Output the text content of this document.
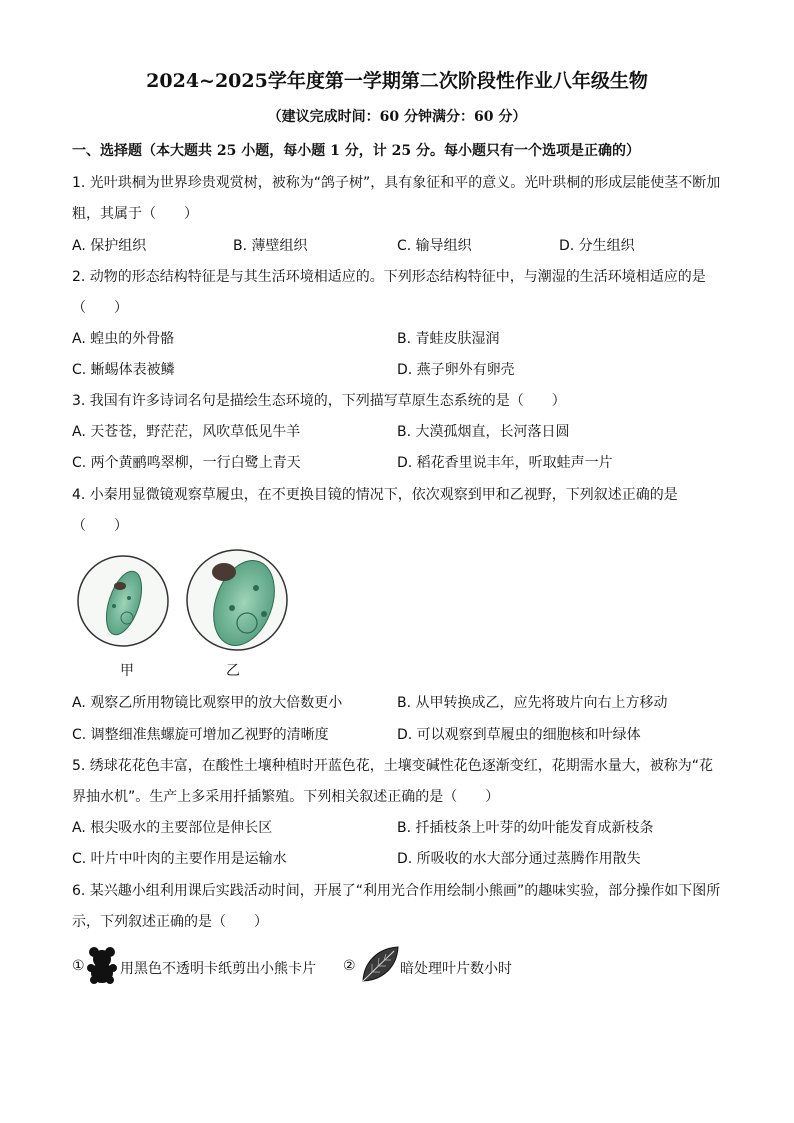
2024~2025学年度第一学期第二次阶段性作业八年级生物
（建议完成时间：60 分钟满分：60 分）
一、选择题（本大题共 25 小题，每小题 1 分，计 25 分。每小题只有一个选项是正确的）
1. 光叶珙桐为世界珍贵观赏树，被称为“鸽子树”，具有象征和平的意义。光叶珙桐的形成层能使茎不断加
粗，其属于（　　）
A. 保护组织	B. 薄壁组织	C. 输导组织	D. 分生组织
2. 动物的形态结构特征是与其生活环境相适应的。下列形态结构特征中，与潮湿的生活环境相适应的是
（　　）
A. 蝗虫的外骨骼	B. 青蛙皮肤湿润
C. 蜥蜴体表被鳞	D. 燕子卵外有卵壳
3. 我国有许多诗词名句是描绘生态环境的，下列描写草原生态系统的是（　　）
A. 天苍苍，野茫茫，风吹草低见牛羊	B. 大漠孤烟直，长河落日圆
C. 两个黄鹂鸣翠柳，一行白鹭上青天	D. 稻花香里说丰年，听取蛙声一片
4. 小秦用显微镜观察草履虫，在不更换目镜的情况下，依次观察到甲和乙视野，下列叙述正确的是
（　　）
甲	乙
A. 观察乙所用物镜比观察甲的放大倍数更小	B. 从甲转换成乙，应先将玻片向右上方移动
C. 调整细准焦螺旋可增加乙视野的清晰度	D. 可以观察到草履虫的细胞核和叶绿体
5. 绣球花花色丰富，在酸性土壤种植时开蓝色花，土壤变碱性花色逐渐变红，花期需水量大，被称为“花
界抽水机”。生产上多采用扦插繁殖。下列相关叙述正确的是（　　）
A. 根尖吸水的主要部位是伸长区	B. 扦插枝条上叶芽的幼叶能发育成新枝条
C. 叶片中叶肉的主要作用是运输水	D. 所吸收的水大部分通过蒸腾作用散失
6. 某兴趣小组利用课后实践活动时间，开展了“利用光合作用绘制小熊画”的趣味实验，部分操作如下图所
示，下列叙述正确的是（　　）
①	用黑色不透明卡纸剪出小熊卡片 ②	暗处理叶片数小时
